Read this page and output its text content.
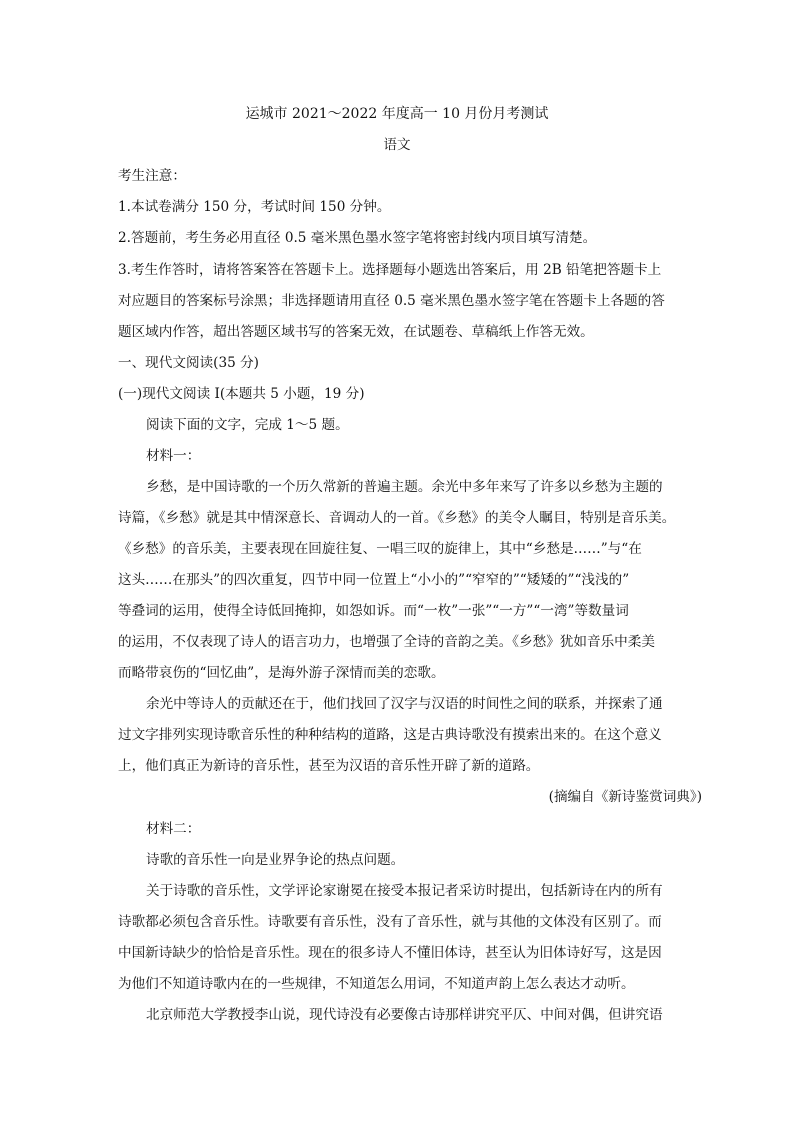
运城市 2021～2022 年度高一 10 月份月考测试
语文
考生注意：
1.本试卷满分 150 分，考试时间 150 分钟。
2.答题前，考生务必用直径 0.5 毫米黑色墨水签字笔将密封线内项目填写清楚。
3.考生作答时，请将答案答在答题卡上。选择题每小题选出答案后，用 2B 铅笔把答题卡上
对应题目的答案标号涂黑；非选择题请用直径 0.5 毫米黑色墨水签字笔在答题卡上各题的答
题区域内作答，超出答题区域书写的答案无效，在试题卷、草稿纸上作答无效。
一、现代文阅读(35 分)
(一)现代文阅读 I(本题共 5 小题，19 分)
阅读下面的文字，完成 1～5 题。
材料一：
乡愁，是中国诗歌的一个历久常新的普遍主题。余光中多年来写了许多以乡愁为主题的
诗篇，《乡愁》就是其中情深意长、音调动人的一首。《乡愁》的美令人瞩目，特别是音乐美。
《乡愁》的音乐美，主要表现在回旋往复、一唱三叹的旋律上，其中“乡愁是……”与“在
这头……在那头”的四次重复，四节中同一位置上“小小的”“窄窄的”“矮矮的”“浅浅的”
等叠词的运用，使得全诗低回掩抑，如怨如诉。而“一枚”一张”“一方”“一湾”等数量词
的运用，不仅表现了诗人的语言功力，也增强了全诗的音韵之美。《乡愁》犹如音乐中柔美
而略带哀伤的“回忆曲”，是海外游子深情而美的恋歌。
余光中等诗人的贡献还在于，他们找回了汉字与汉语的时间性之间的联系，并探索了通
过文字排列实现诗歌音乐性的种种结构的道路，这是古典诗歌没有摸索出来的。在这个意义
上，他们真正为新诗的音乐性，甚至为汉语的音乐性开辟了新的道路。
(摘编自《新诗鉴赏词典》)
材料二：
诗歌的音乐性一向是业界争论的热点问题。
关于诗歌的音乐性，文学评论家谢冕在接受本报记者采访时提出，包括新诗在内的所有
诗歌都必须包含音乐性。诗歌要有音乐性，没有了音乐性，就与其他的文体没有区别了。而
中国新诗缺少的恰恰是音乐性。现在的很多诗人不懂旧体诗，甚至认为旧体诗好写，这是因
为他们不知道诗歌内在的一些规律，不知道怎么用词，不知道声韵上怎么表达才动听。
北京师范大学教授李山说，现代诗没有必要像古诗那样讲究平仄、中间对偶，但讲究语
